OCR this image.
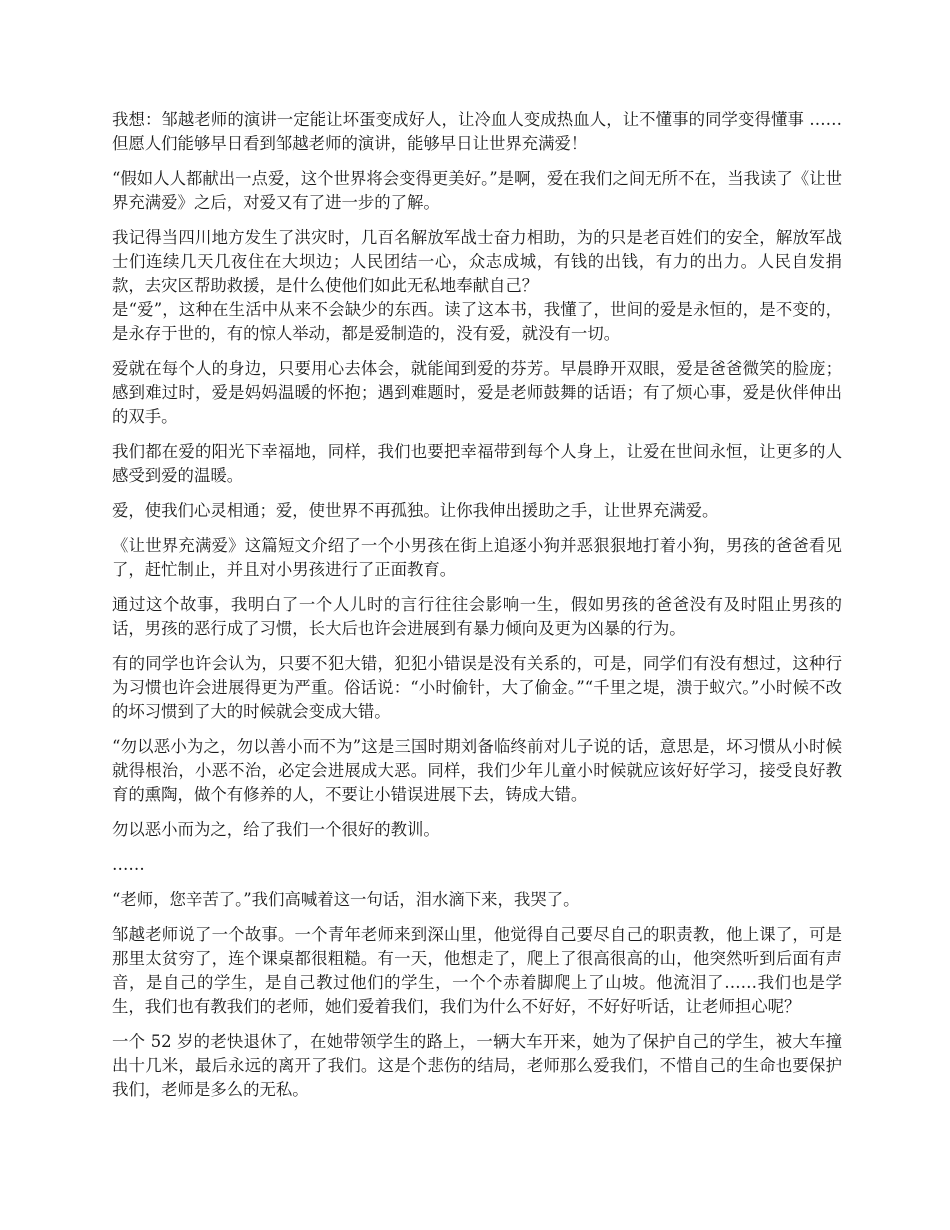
我想：邹越老师的演讲一定能让坏蛋变成好人，让冷血人变成热血人，让不懂事的同学变得懂事 …… 但愿人们能够早日看到邹越老师的演讲，能够早日让世界充满爱！

“假如人人都献出一点爱，这个世界将会变得更美好。”是啊，爱在我们之间无所不在，当我读了《让世界充满爱》之后，对爱又有了进一步的了解。

我记得当四川地方发生了洪灾时，几百名解放军战士奋力相助，为的只是老百姓们的安全，解放军战士们连续几天几夜住在大坝边；人民团结一心，众志成城，有钱的出钱，有力的出力。人民自发捐款，去灾区帮助救援，是什么使他们如此无私地奉献自己？

是“爱”，这种在生活中从来不会缺少的东西。读了这本书，我懂了，世间的爱是永恒的，是不变的，是永存于世的，有的惊人举动，都是爱制造的，没有爱，就没有一切。

爱就在每个人的身边，只要用心去体会，就能闻到爱的芬芳。早晨睁开双眼，爱是爸爸微笑的脸庞；感到难过时，爱是妈妈温暖的怀抱；遇到难题时，爱是老师鼓舞的话语；有了烦心事，爱是伙伴伸出的双手。

我们都在爱的阳光下幸福地，同样，我们也要把幸福带到每个人身上，让爱在世间永恒，让更多的人感受到爱的温暖。

爱，使我们心灵相通；爱，使世界不再孤独。让你我伸出援助之手，让世界充满爱。

《让世界充满爱》这篇短文介绍了一个小男孩在街上追逐小狗并恶狠狠地打着小狗，男孩的爸爸看见了，赶忙制止，并且对小男孩进行了正面教育。

通过这个故事，我明白了一个人儿时的言行往往会影响一生，假如男孩的爸爸没有及时阻止男孩的话，男孩的恶行成了习惯，长大后也许会进展到有暴力倾向及更为凶暴的行为。

有的同学也许会认为，只要不犯大错，犯犯小错误是没有关系的，可是，同学们有没有想过，这种行为习惯也许会进展得更为严重。俗话说：“小时偷针，大了偷金。”“千里之堤，溃于蚁穴。”小时候不改的坏习惯到了大的时候就会变成大错。

“勿以恶小为之，勿以善小而不为”这是三国时期刘备临终前对儿子说的话，意思是，坏习惯从小时候就得根治，小恶不治，必定会进展成大恶。同样，我们少年儿童小时候就应该好好学习，接受良好教育的熏陶，做个有修养的人，不要让小错误进展下去，铸成大错。

勿以恶小而为之，给了我们一个很好的教训。

……

“老师，您辛苦了。”我们高喊着这一句话，泪水滴下来，我哭了。

邹越老师说了一个故事。一个青年老师来到深山里，他觉得自己要尽自己的职责教，他上课了，可是那里太贫穷了，连个课桌都很粗糙。有一天，他想走了，爬上了很高很高的山，他突然听到后面有声音，是自己的学生，是自己教过他们的学生，一个个赤着脚爬上了山坡。他流泪了……我们也是学生，我们也有教我们的老师，她们爱着我们，我们为什么不好好，不好好听话，让老师担心呢？

一个 52 岁的老快退休了，在她带领学生的路上，一辆大车开来，她为了保护自己的学生，被大车撞出十几米，最后永远的离开了我们。这是个悲伤的结局，老师那么爱我们，不惜自己的生命也要保护我们，老师是多么的无私。
